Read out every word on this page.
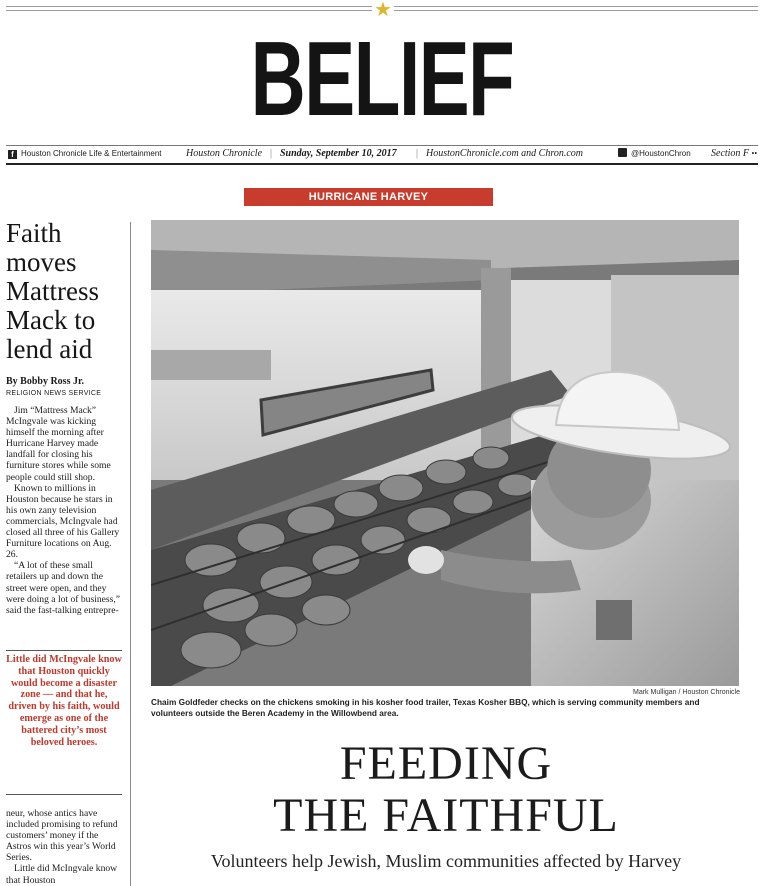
★
BELIEF
f Houston Chronicle Life & Entertainment Houston Chronicle | Sunday, September 10, 2017 | HoustonChronicle.com and Chron.com	@HoustonChron Section F ••
HURRICANE HARVEY
Faith
moves
Mattress
Mack to
lend aid
By Bobby Ross Jr.
RELIGION NEWS SERVICE

Jim “Mattress Mack” McIngvale was kicking himself the morning after Hurricane Harvey made landfall for closing his furniture stores while some people could still shop.

Known to millions in Houston because he stars in his own zany television commercials, McIngvale had closed all three of his Gallery Furniture locations on Aug. 26.

“A lot of these small retailers up and down the street were open, and they were doing a lot of business,” said the fast-talking entrepre-

Little did McIngvale know that Houston quickly would become a disaster zone — and that he, driven by his faith, would emerge as one of the battered city’s most beloved heroes.

neur, whose antics have included promising to refund customers’ money if the Astros win this year’s World Series.

Little did McIngvale know that Houston

Mark Mulligan / Houston Chronicle
Chaim Goldfeder checks on the chickens smoking in his kosher food trailer, Texas Kosher BBQ, which is serving community members and volunteers outside the Beren Academy in the Willowbend area.
FEEDING
THE FAITHFUL
Volunteers help Jewish, Muslim communities affected by Harvey
